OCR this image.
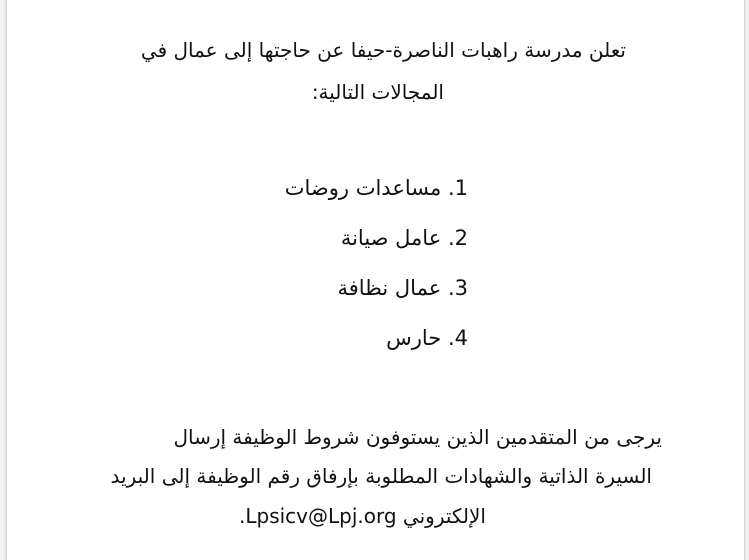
تعلن مدرسة راهبات الناصرة-حيفا عن حاجتها إلى عمال في
المجالات التالية:
1. مساعدات روضات
2. عامل صيانة
3. عمال نظافة
4. حارس
يرجى من المتقدمين الذين يستوفون شروط الوظيفة إرسال
السيرة الذاتية والشهادات المطلوبة بإرفاق رقم الوظيفة إلى البريد
الإلكتروني Lpsicv@Lpj.org.
